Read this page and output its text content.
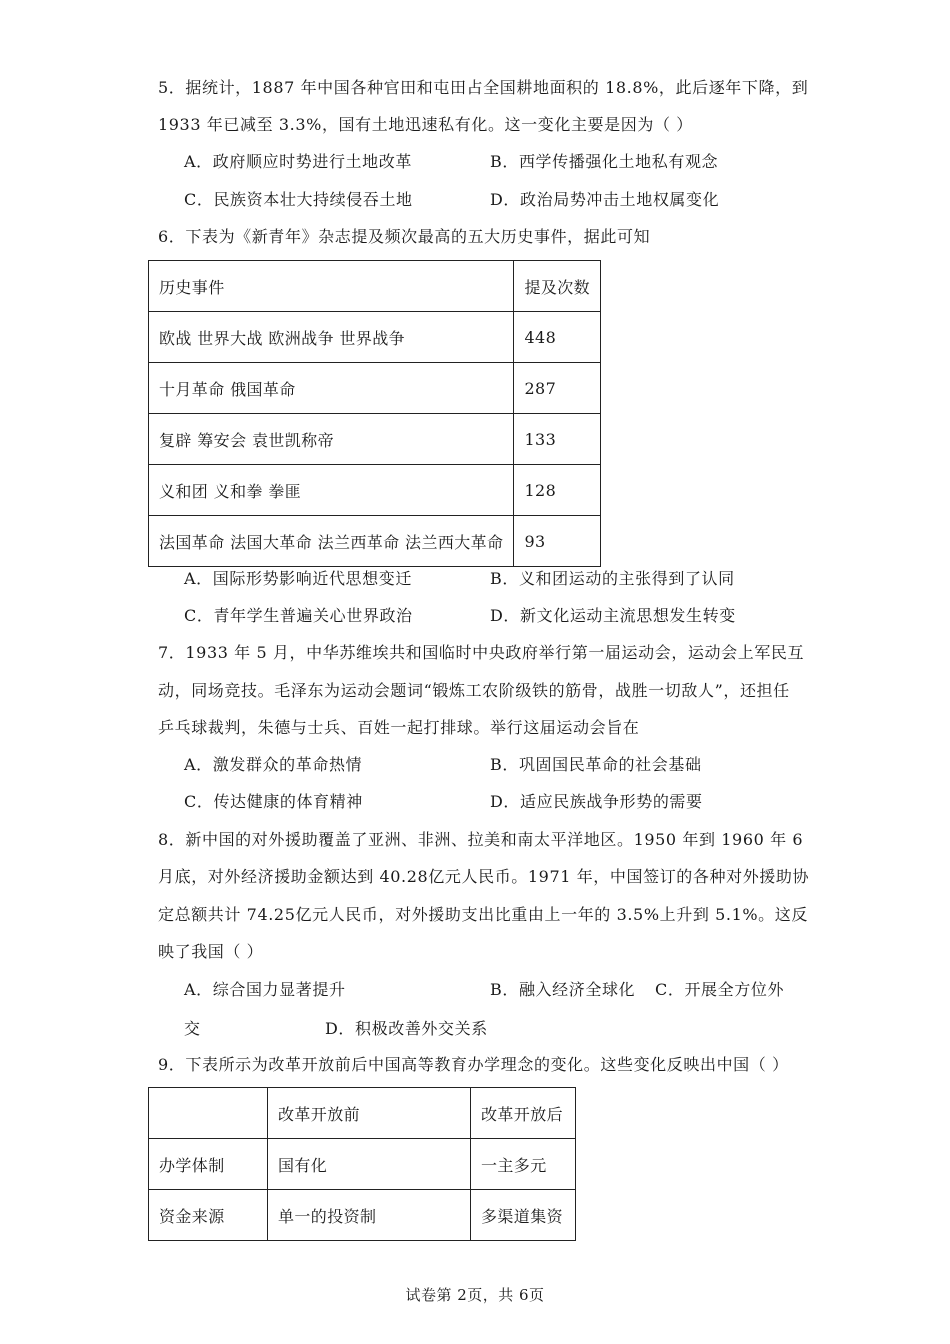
5．据统计，1887 年中国各种官田和屯田占全国耕地面积的 18.8%，此后逐年下降，到
1933 年已减至 3.3%，国有土地迅速私有化。这一变化主要是因为（ ）
A．政府顺应时势进行土地改革	B．西学传播强化土地私有观念
C．民族资本壮大持续侵吞土地	D．政治局势冲击土地权属变化
6．下表为《新青年》杂志提及频次最高的五大历史事件，据此可知
历史事件	提及次数
欧战 世界大战 欧洲战争 世界战争	448
十月革命 俄国革命	287
复辟 筹安会 袁世凯称帝	133
义和团 义和拳 拳匪	128
法国革命 法国大革命 法兰西革命 法兰西大革命	93
A．国际形势影响近代思想变迁	B．义和团运动的主张得到了认同
C．青年学生普遍关心世界政治	D．新文化运动主流思想发生转变
7．1933 年 5 月，中华苏维埃共和国临时中央政府举行第一届运动会，运动会上军民互
动，同场竞技。毛泽东为运动会题词“锻炼工农阶级铁的筋骨，战胜一切敌人”，还担任
乒乓球裁判，朱德与士兵、百姓一起打排球。举行这届运动会旨在
A．激发群众的革命热情	B．巩固国民革命的社会基础
C．传达健康的体育精神	D．适应民族战争形势的需要
8．新中国的对外援助覆盖了亚洲、非洲、拉美和南太平洋地区。1950 年到 1960 年 6
月底，对外经济援助金额达到 40.28亿元人民币。1971 年，中国签订的各种对外援助协
定总额共计 74.25亿元人民币，对外援助支出比重由上一年的 3.5%上升到 5.1%。这反
映了我国（ ）
A．综合国力显著提升	B．融入经济全球化 C．开展全方位外
交	D．积极改善外交关系
9．下表所示为改革开放前后中国高等教育办学理念的变化。这些变化反映出中国（ ）
	改革开放前	改革开放后
办学体制	国有化	一主多元
资金来源	单一的投资制	多渠道集资
试卷第 2页，共 6页
